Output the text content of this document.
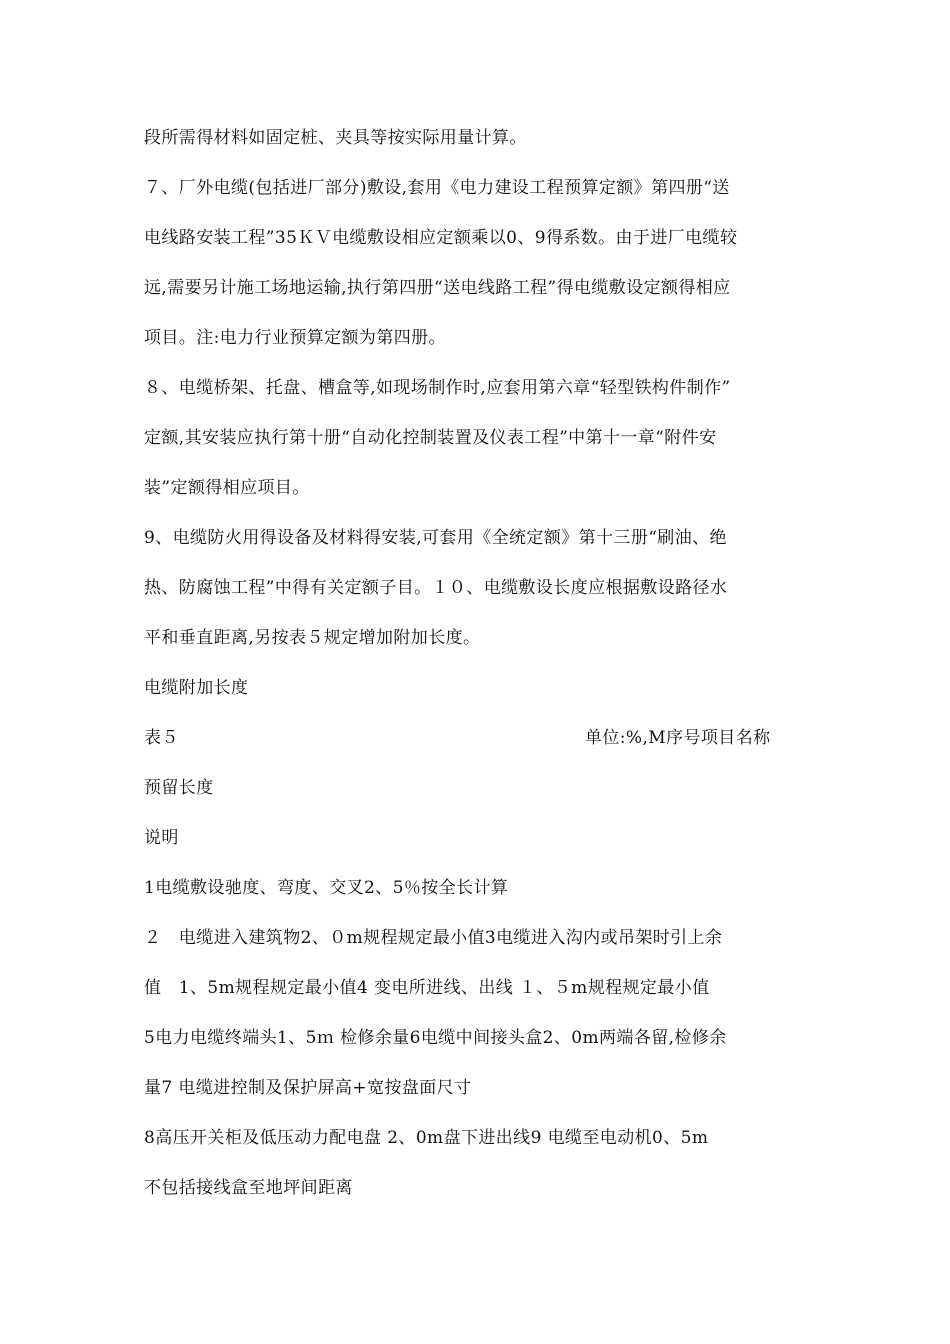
段所需得材料如固定桩、夹具等按实际用量计算。
７、厂外电缆(包括进厂部分)敷设,套用《电力建设工程预算定额》第四册“送
电线路安装工程”35ＫＶ电缆敷设相应定额乘以0、9得系数。由于进厂电缆较
远,需要另计施工场地运输,执行第四册“送电线路工程”得电缆敷设定额得相应
项目。注:电力行业预算定额为第四册。
８、电缆桥架、托盘、槽盒等,如现场制作时,应套用第六章“轻型铁构件制作”
定额,其安装应执行第十册“自动化控制装置及仪表工程”中第十一章“附件安
装”定额得相应项目。
9、电缆防火用得设备及材料得安装,可套用《全统定额》第十三册“刷油、绝
热、防腐蚀工程”中得有关定额子目。１０、电缆敷设长度应根据敷设路径水
平和垂直距离,另按表５规定增加附加长度。
电缆附加长度
表５	单位:%,M序号项目名称
预留长度
说明
1电缆敷设驰度、弯度、交叉2、5％按全长计算
２　电缆进入建筑物2、０m规程规定最小值3电缆进入沟内或吊架时引上余
值　1、5m规程规定最小值4 变电所进线、出线 １、５m规程规定最小值
5电力电缆终端头1、5ｍ 检修余量6电缆中间接头盒2、0m两端各留,检修余
量7 电缆进控制及保护屏高+宽按盘面尺寸
8高压开关柜及低压动力配电盘 2、0m盘下进出线9 电缆至电动机0、5m
不包括接线盒至地坪间距离
